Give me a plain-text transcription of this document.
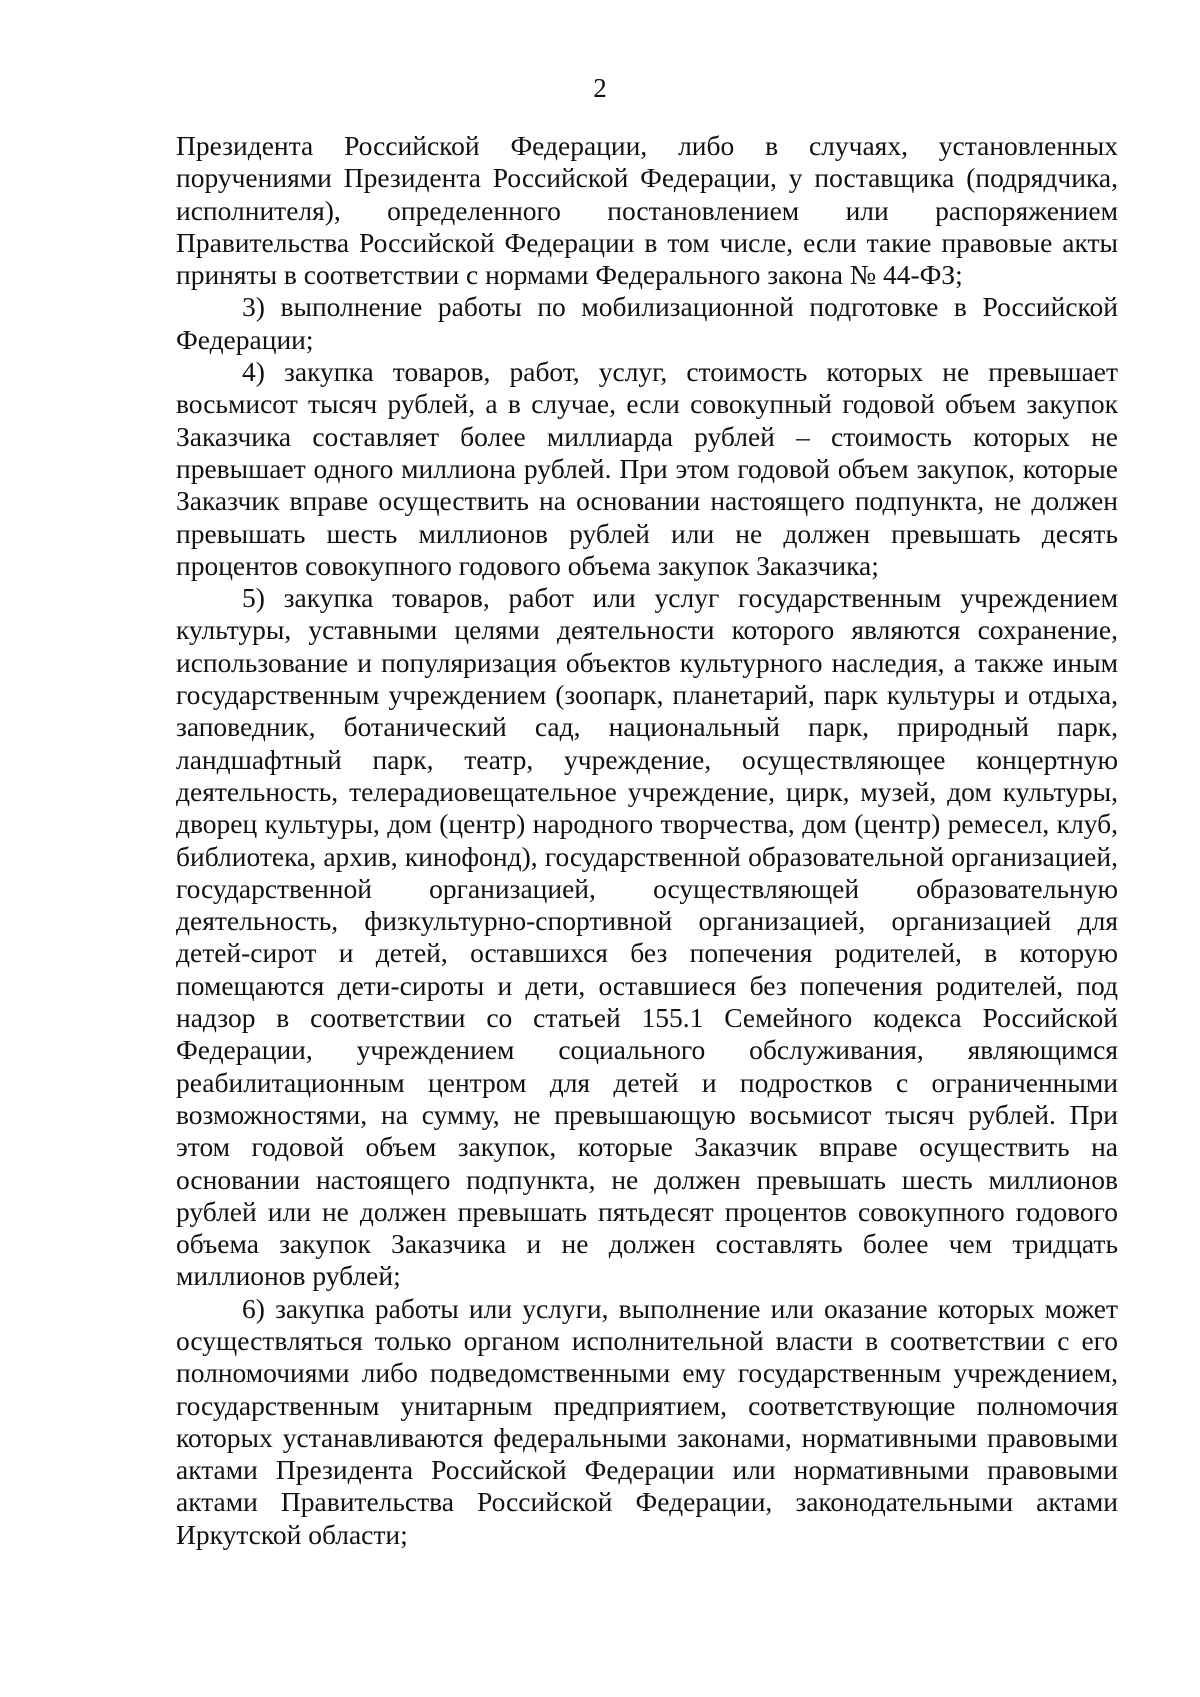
2

Президента Российской Федерации, либо в случаях, установленных поручениями Президента Российской Федерации, у поставщика (подрядчика, исполнителя), определенного постановлением или распоряжением Правительства Российской Федерации в том числе, если такие правовые акты приняты в соответствии с нормами Федерального закона № 44-ФЗ;

3) выполнение работы по мобилизационной подготовке в Российской Федерации;

4) закупка товаров, работ, услуг, стоимость которых не превышает восьмисот тысяч рублей, а в случае, если совокупный годовой объем закупок Заказчика составляет более миллиарда рублей – стоимость которых не превышает одного миллиона рублей. При этом годовой объем закупок, которые Заказчик вправе осуществить на основании настоящего подпункта, не должен превышать шесть миллионов рублей или не должен превышать десять процентов совокупного годового объема закупок Заказчика;

5) закупка товаров, работ или услуг государственным учреждением культуры, уставными целями деятельности которого являются сохранение, использование и популяризация объектов культурного наследия, а также иным государственным учреждением (зоопарк, планетарий, парк культуры и отдыха, заповедник, ботанический сад, национальный парк, природный парк, ландшафтный парк, театр, учреждение, осуществляющее концертную деятельность, телерадиовещательное учреждение, цирк, музей, дом культуры, дворец культуры, дом (центр) народного творчества, дом (центр) ремесел, клуб, библиотека, архив, кинофонд), государственной образовательной организацией, государственной организацией, осуществляющей образовательную деятельность, физкультурно-спортивной организацией, организацией для детей-сирот и детей, оставшихся без попечения родителей, в которую помещаются дети-сироты и дети, оставшиеся без попечения родителей, под надзор в соответствии со статьей 155.1 Семейного кодекса Российской Федерации, учреждением социального обслуживания, являющимся реабилитационным центром для детей и подростков с ограниченными возможностями, на сумму, не превышающую восьмисот тысяч рублей. При этом годовой объем закупок, которые Заказчик вправе осуществить на основании настоящего подпункта, не должен превышать шесть миллионов рублей или не должен превышать пятьдесят процентов совокупного годового объема закупок Заказчика и не должен составлять более чем тридцать миллионов рублей;

6) закупка работы или услуги, выполнение или оказание которых может осуществляться только органом исполнительной власти в соответствии с его полномочиями либо подведомственными ему государственным учреждением, государственным унитарным предприятием, соответствующие полномочия которых устанавливаются федеральными законами, нормативными правовыми актами Президента Российской Федерации или нормативными правовыми актами Правительства Российской Федерации, законодательными актами Иркутской области;
